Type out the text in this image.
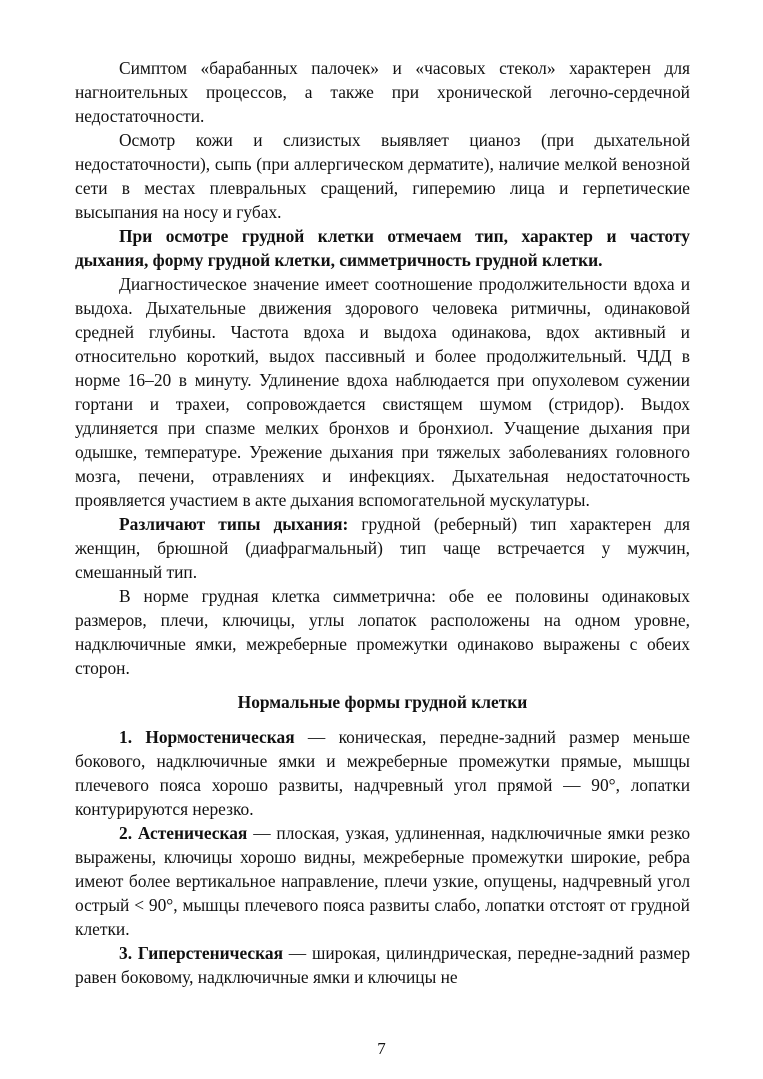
Симптом «барабанных палочек» и «часовых стекол» характерен для нагноительных процессов, а также при хронической легочно-сердечной недостаточности.

Осмотр кожи и слизистых выявляет цианоз (при дыхательной недостаточности), сыпь (при аллергическом дерматите), наличие мелкой венозной сети в местах плевральных сращений, гиперемию лица и герпетические высыпания на носу и губах.

При осмотре грудной клетки отмечаем тип, характер и частоту дыхания, форму грудной клетки, симметричность грудной клетки.

Диагностическое значение имеет соотношение продолжительности вдоха и выдоха. Дыхательные движения здорового человека ритмичны, одинаковой средней глубины. Частота вдоха и выдоха одинакова, вдох активный и относительно короткий, выдох пассивный и более продолжительный. ЧДД в норме 16–20 в минуту. Удлинение вдоха наблюдается при опухолевом сужении гортани и трахеи, сопровождается свистящем шумом (стридор). Выдох удлиняется при спазме мелких бронхов и бронхиол. Учащение дыхания при одышке, температуре. Урежение дыхания при тяжелых заболеваниях головного мозга, печени, отравлениях и инфекциях. Дыхательная недостаточность проявляется участием в акте дыхания вспомогательной мускулатуры.

Различают типы дыхания: грудной (реберный) тип характерен для женщин, брюшной (диафрагмальный) тип чаще встречается у мужчин, смешанный тип.

В норме грудная клетка симметрична: обе ее половины одинаковых размеров, плечи, ключицы, углы лопаток расположены на одном уровне, надключичные ямки, межреберные промежутки одинаково выражены с обеих сторон.

Нормальные формы грудной клетки

1. Нормостеническая — коническая, передне-задний размер меньше бокового, надключичные ямки и межреберные промежутки прямые, мышцы плечевого пояса хорошо развиты, надчревный угол прямой — 90°, лопатки контурируются нерезко.

2. Астеническая — плоская, узкая, удлиненная, надключичные ямки резко выражены, ключицы хорошо видны, межреберные промежутки широкие, ребра имеют более вертикальное направление, плечи узкие, опущены, надчревный угол острый < 90°, мышцы плечевого пояса развиты слабо, лопатки отстоят от грудной клетки.

3. Гиперстеническая — широкая, цилиндрическая, передне-задний размер равен боковому, надключичные ямки и ключицы не

7
